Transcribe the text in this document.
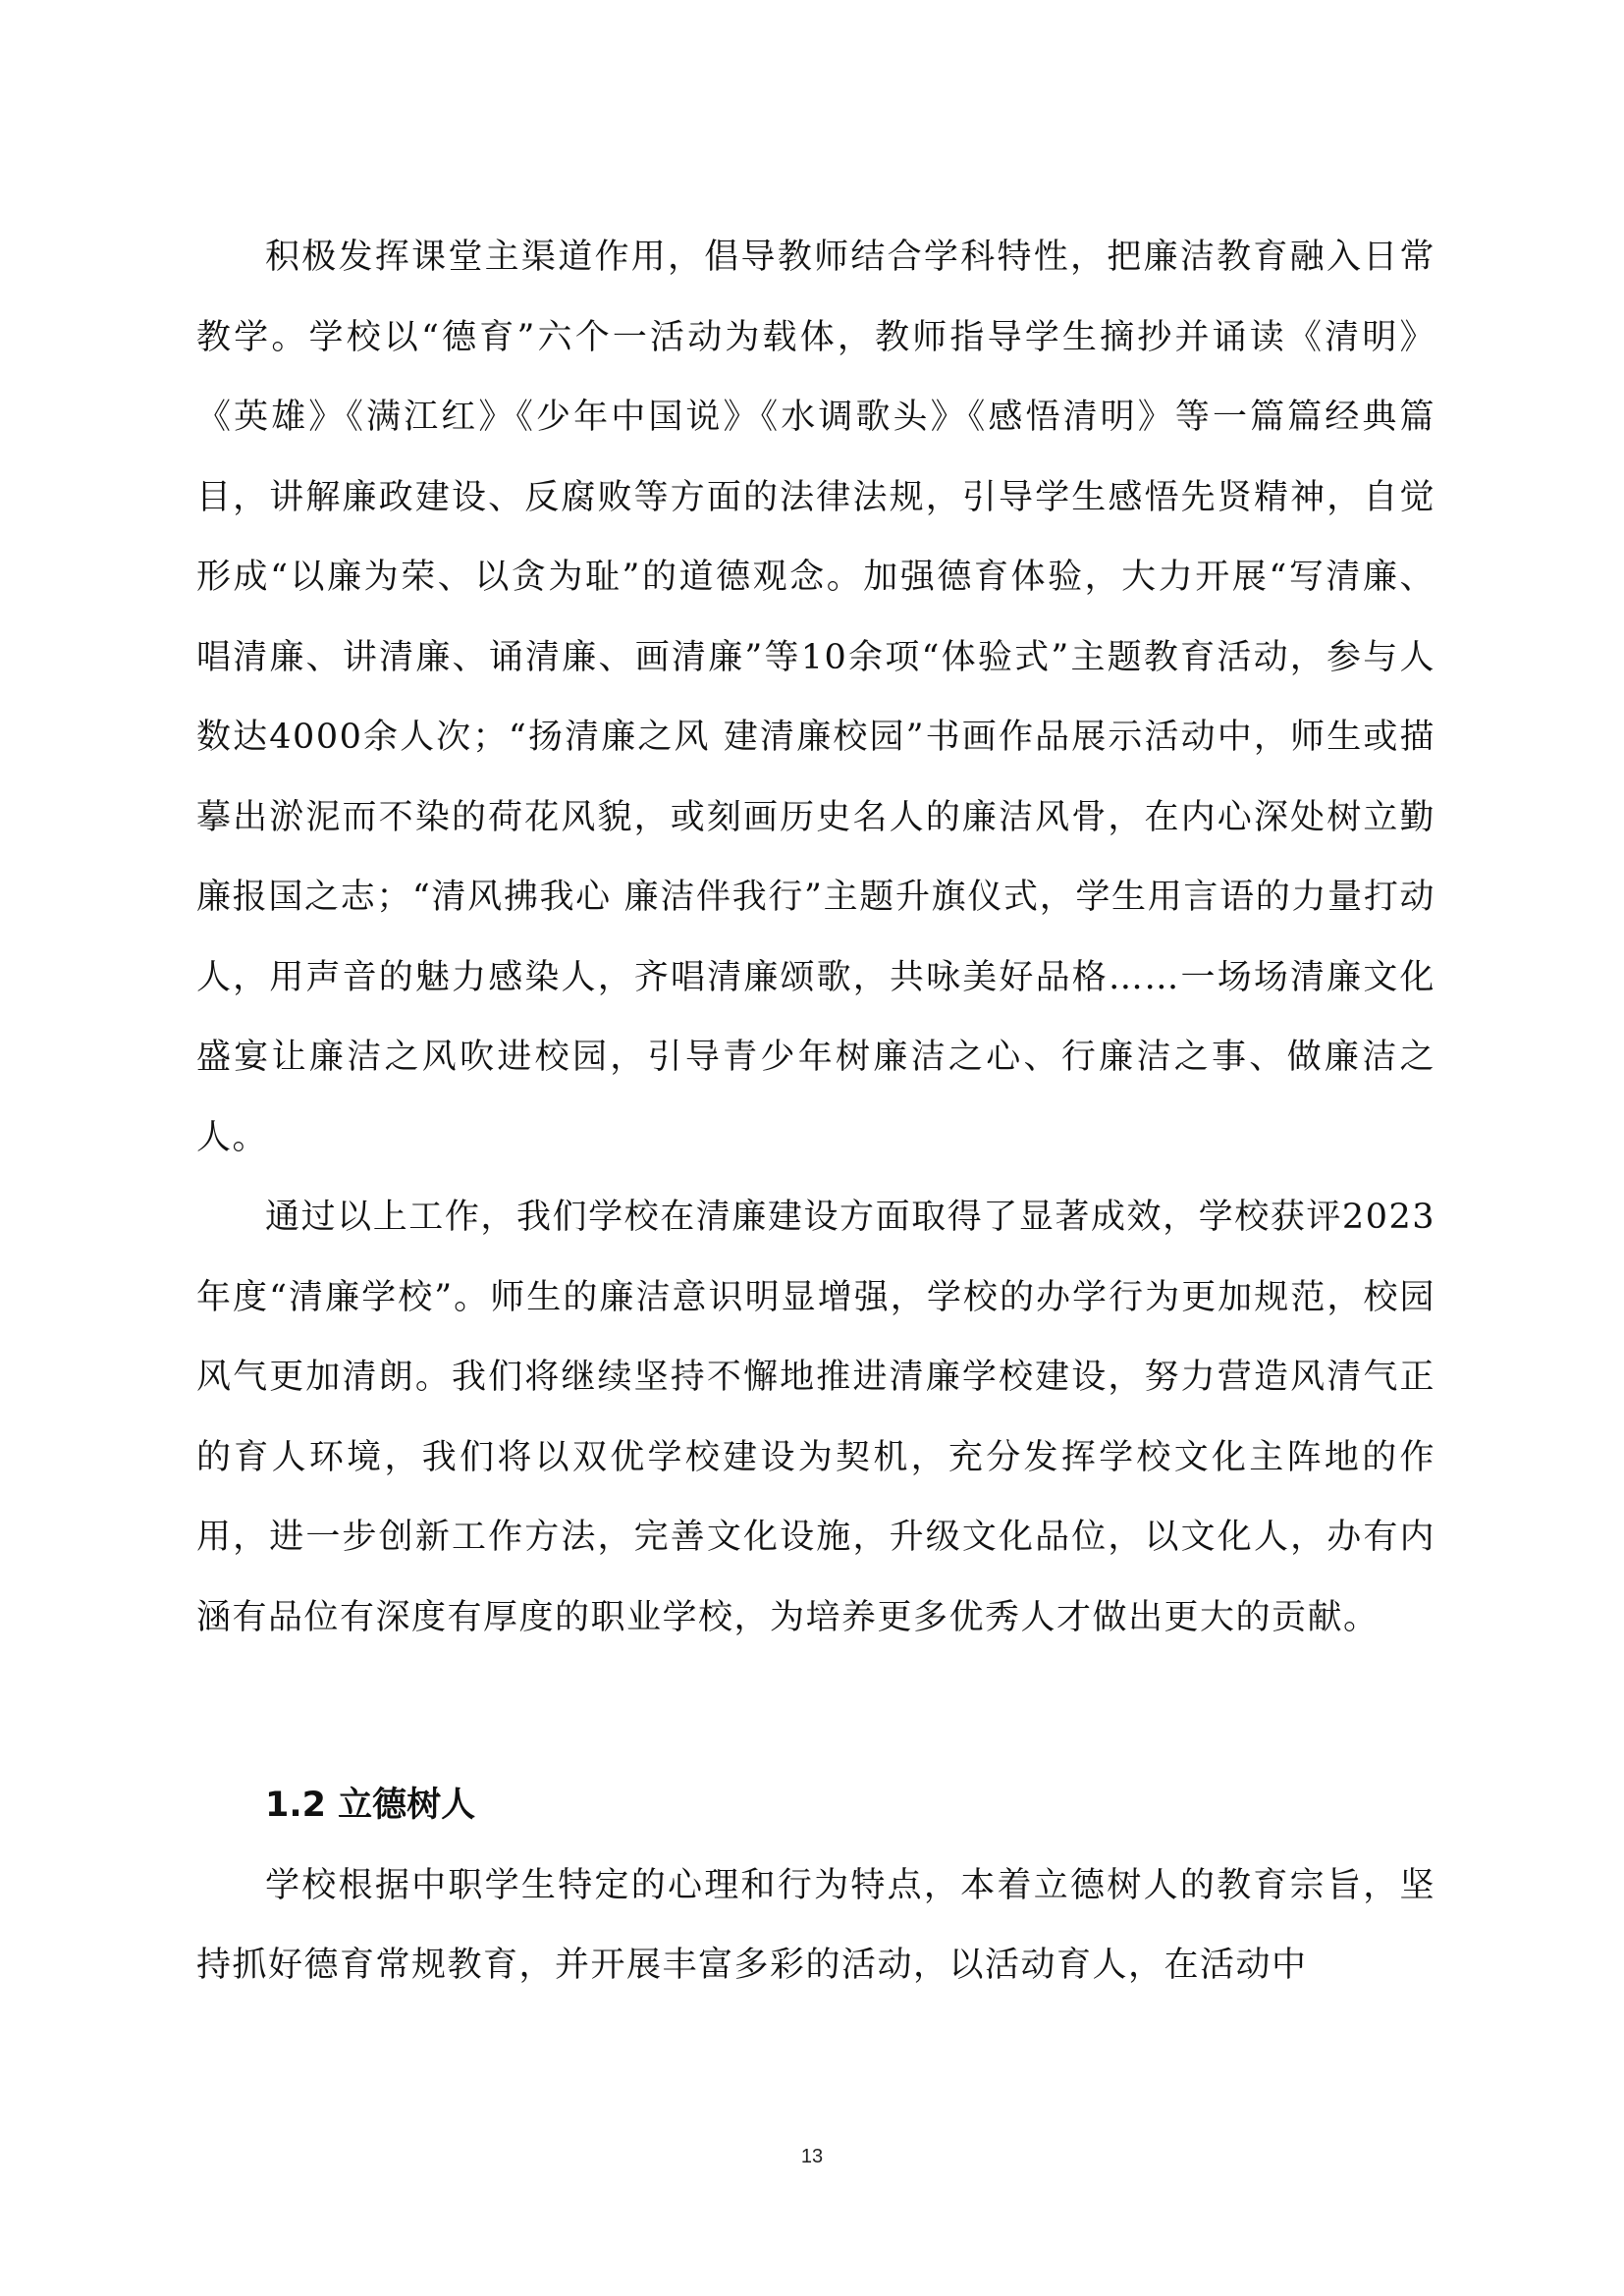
积极发挥课堂主渠道作用，倡导教师结合学科特性，把廉洁教育融入日常教学。学校以“德育”六个一活动为载体，教师指导学生摘抄并诵读《清明》《英雄》《满江红》《少年中国说》《水调歌头》《感悟清明》等一篇篇经典篇目，讲解廉政建设、反腐败等方面的法律法规，引导学生感悟先贤精神，自觉形成“以廉为荣、以贪为耻”的道德观念。加强德育体验，大力开展“写清廉、唱清廉、讲清廉、诵清廉、画清廉”等10余项“体验式”主题教育活动，参与人数达4000余人次；“扬清廉之风 建清廉校园”书画作品展示活动中，师生或描摹出淤泥而不染的荷花风貌，或刻画历史名人的廉洁风骨，在内心深处树立勤廉报国之志；“清风拂我心 廉洁伴我行”主题升旗仪式，学生用言语的力量打动人，用声音的魅力感染人，齐唱清廉颂歌，共咏美好品格……一场场清廉文化盛宴让廉洁之风吹进校园，引导青少年树廉洁之心、行廉洁之事、做廉洁之人。

通过以上工作，我们学校在清廉建设方面取得了显著成效，学校获评2023年度“清廉学校”。师生的廉洁意识明显增强，学校的办学行为更加规范，校园风气更加清朗。我们将继续坚持不懈地推进清廉学校建设，努力营造风清气正的育人环境，我们将以双优学校建设为契机，充分发挥学校文化主阵地的作用，进一步创新工作方法，完善文化设施，升级文化品位，以文化人，办有内涵有品位有深度有厚度的职业学校，为培养更多优秀人才做出更大的贡献。

1.2 立德树人

学校根据中职学生特定的心理和行为特点，本着立德树人的教育宗旨，坚持抓好德育常规教育，并开展丰富多彩的活动，以活动育人，在活动中

13
